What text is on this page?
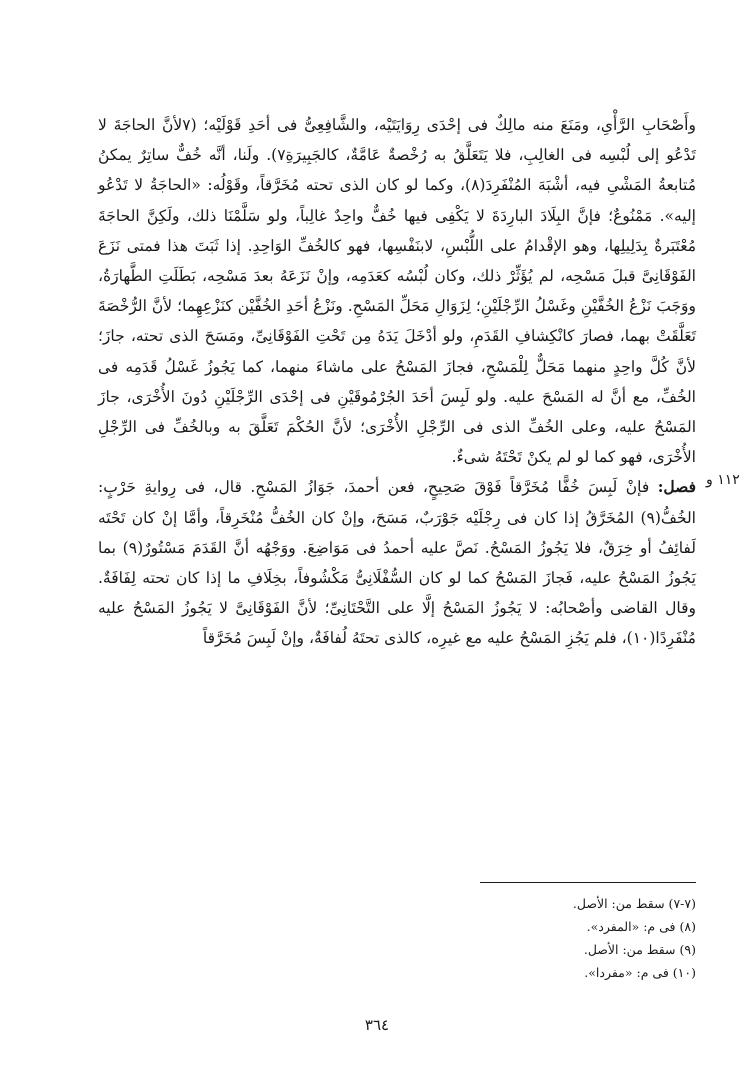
وأَصْحَابِ الرَّأْىِ، ومَنَعَ منه مالِكٌ فى إحْدَى رِوَايَتَيْه، والشَّافِعِىُّ فى أحَدِ قَوْلَيْه؛ (٧لأنَّ الحاجَةَ لا تَدْعُو إلى لُبْسِه فى الغالِبِ، فلا يَتَعَلَّقُ به رُخْصةٌ عَامَّةٌ، كالجَبِيرَةِ٧). ولَنا، أنَّه خُفٌّ ساتِرٌ يمكنُ مُتابعةُ المَشْىِ فيه، أشْبَهَ المُنْفَرِدَ(٨)، وكما لو كان الذى تحته مُخَرَّقاً، وقَوْلُه: «الحاجَةُ لا تَدْعُو إليه». مَمْنُوعٌ؛ فإنَّ البِلَادَ البارِدَةَ لا يَكْفِى فيها خُفٌّ واحِدٌ غالِباً، ولو سَلَّمْنَا ذلك، ولَكِنَّ الحاجَةَ مُعْتَبَرةٌ بِدَلِيلِها، وهو الإقْدامُ على اللُّبْسِ، لابنَفْسِها، فهو كالخُفِّ الوَاحِدِ. إذا ثَبَتَ هذا فمتى نَزَعَ الفَوْقَانِىَّ قبلَ مَسْحِه، لم يُؤَثِّرْ ذلك، وكان لُبْسُه كعَدَمِه، وإنْ نَزَعَهُ بعدَ مَسْحِه، بَطَلَتِ الطَّهارَةُ، ووَجَبَ نَزْعُ الخُفَّيْنِ وغَسْلُ الرِّجْلَيْنِ؛ لِزَوَالِ مَحَلِّ المَسْحِ. ونَزْعُ أحَدِ الخُفَّيْن كنَزْعِهِما؛ لأنَّ الرُّخْصَةَ تَعَلَّقَتْ بهما، فصارَ كانْكِشافِ القَدَمِ، ولو أدْخَلَ يَدَهُ مِن تَحْتِ الفَوْقَانِىِّ، ومَسَحَ الذى تحته، جازَ؛ لأنَّ كُلَّ واحِدٍ منهما مَحَلٌّ لِلْمَسْحِ، فجازَ المَسْحُ على ماشاءَ منهما، كما يَجُوزُ غَسْلُ قَدَمِه فى الخُفِّ، مع أنَّ له المَسْحَ عليه. ولو لَبِسَ أحَدَ الجُرْمُوقَيْنِ فى إحْدَى الرِّجْلَيْنِ دُونَ الأُخْرَى، جازَ المَسْحُ عليه، وعلى الخُفِّ الذى فى الرِّجْلِ الأُخْرَى؛ لأنَّ الحُكْمَ تَعَلَّقَ به وبالخُفِّ فى الرِّجْلِ الأُخْرَى، فهو كما لو لم يكنْ تَحْتَهُ شىءٌ.

فصل: فإنْ لَبِسَ خُفًّا مُخَرَّقاً فَوْقَ صَحِيحٍ، فعن أحمدَ، جَوَازُ المَسْحِ. قال، فى رِوايةِ حَرْبٍ: الخُفُّ(٩) المُخَرَّقُ إذا كان فى رِجْلَيْه جَوْرَبٌ، مَسَحَ، وإنْ كان الخُفُّ مُنْخَرِقاً، وأمَّا إنْ كان تَحْتَه لَفائِفُ أو خِرَقٌ، فلا يَجُوزُ المَسْحُ. نَصَّ عليه أحمدُ فى مَوَاضِعَ. ووَجْهُه أنَّ القَدَمَ مَسْتُورٌ(٩) بما يَجُوزُ المَسْحُ عليه، فَجازَ المَسْحُ كما لو كان السُّفْلَانِىُّ مَكْشُوفاً، بخِلَافِ ما إذا كان تحته لِفَافَةٌ. وقال القاضى وأصْحابُه: لا يَجُوزُ المَسْحُ إلَّا على التَّحْتَانِىِّ؛ لأنَّ الفَوْقَانِىَّ لا يَجُوزُ المَسْحُ عليه مُنْفَرِدًا(١٠)، فلم يَجُزِ المَسْحُ عليه مع غيرِه، كالذى تحتَهُ لُفافَةٌ، وإنْ لَبِسَ مُخَرَّقاً

١١٢ و
(٧-٧) سقط من: الأصل.
(٨) فى م: «المفرد».
(٩) سقط من: الأصل.
(١٠) فى م: «مفردا».
٣٦٤
